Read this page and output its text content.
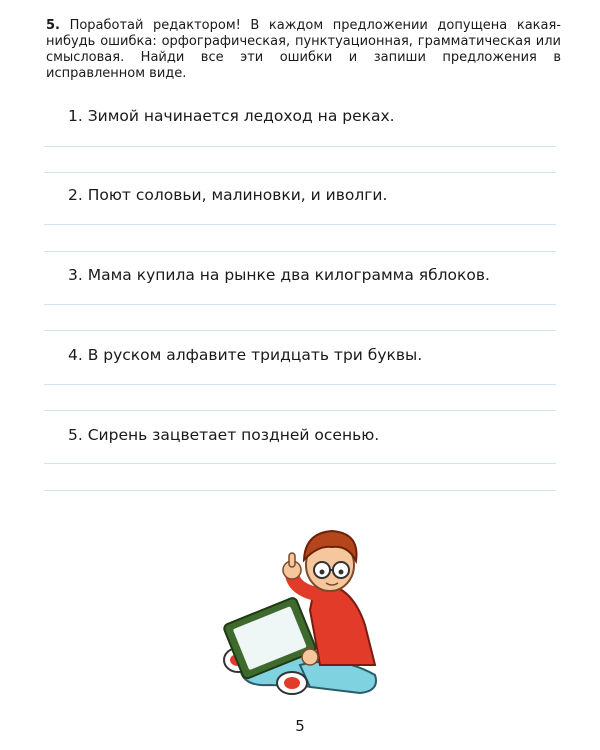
5. Поработай редактором! В каждом предложении допущена какая-нибудь ошибка: орфографическая, пунктуационная, грамматическая или смысловая. Найди все эти ошибки и запиши предложения в исправленном виде.
1. Зимой начинается ледоход на реках.
2. Поют соловьи, малиновки, и иволги.
3. Мама купила на рынке два килограмма яблоков.
4. В руском алфавите тридцать три буквы.
5. Сирень зацветает поздней осенью.
5
